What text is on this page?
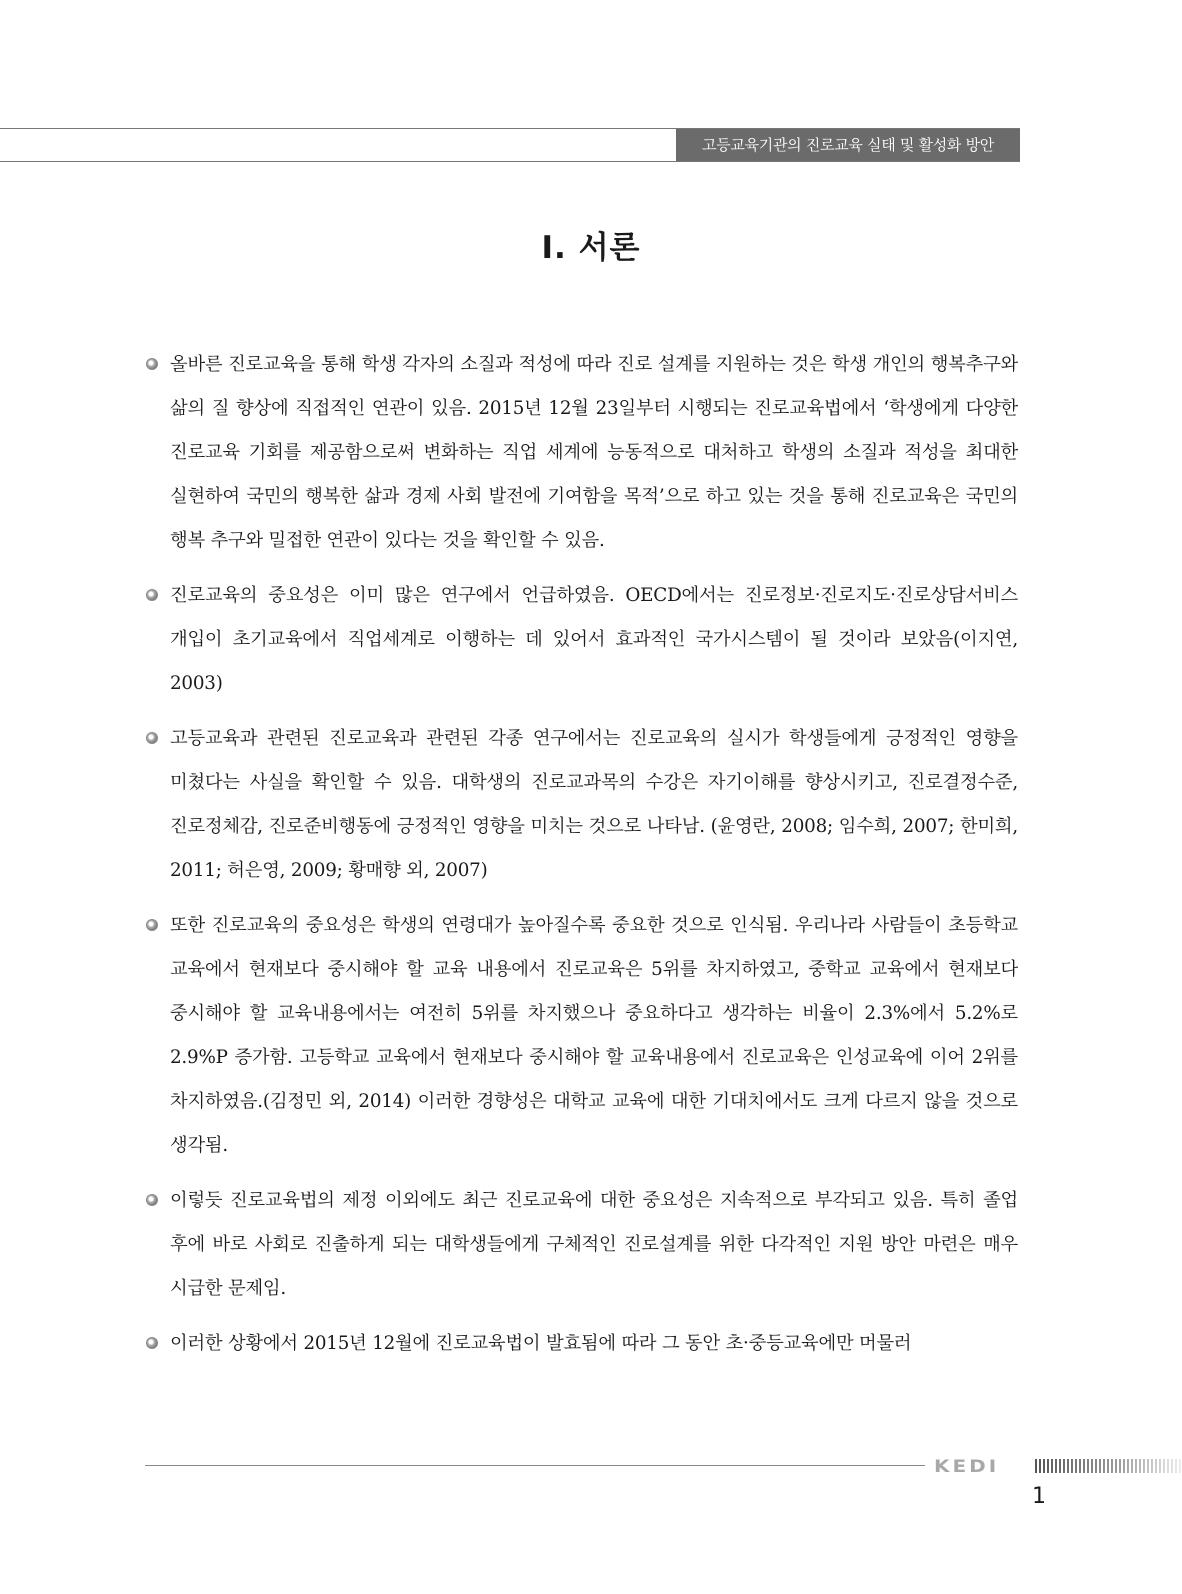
고등교육기관의 진로교육 실태 및 활성화 방안
Ⅰ. 서론
올바른 진로교육을 통해 학생 각자의 소질과 적성에 따라 진로 설계를 지원하는 것은 학생 개인의 행복추구와 삶의 질 향상에 직접적인 연관이 있음. 2015년 12월 23일부터 시행되는 진로교육법에서 ‘학생에게 다양한 진로교육 기회를 제공함으로써 변화하는 직업 세계에 능동적으로 대처하고 학생의 소질과 적성을 최대한 실현하여 국민의 행복한 삶과 경제 사회 발전에 기여함을 목적’으로 하고 있는 것을 통해 진로교육은 국민의 행복 추구와 밀접한 연관이 있다는 것을 확인할 수 있음.
진로교육의 중요성은 이미 많은 연구에서 언급하였음. OECD에서는 진로정보·진로지도·진로상담서비스 개입이 초기교육에서 직업세계로 이행하는 데 있어서 효과적인 국가시스템이 될 것이라 보았음(이지연, 2003)
고등교육과 관련된 진로교육과 관련된 각종 연구에서는 진로교육의 실시가 학생들에게 긍정적인 영향을 미쳤다는 사실을 확인할 수 있음. 대학생의 진로교과목의 수강은 자기이해를 향상시키고, 진로결정수준, 진로정체감, 진로준비행동에 긍정적인 영향을 미치는 것으로 나타남. (윤영란, 2008; 임수희, 2007; 한미희, 2011; 허은영, 2009; 황매향 외, 2007)
또한 진로교육의 중요성은 학생의 연령대가 높아질수록 중요한 것으로 인식됨. 우리나라 사람들이 초등학교 교육에서 현재보다 중시해야 할 교육 내용에서 진로교육은 5위를 차지하였고, 중학교 교육에서 현재보다 중시해야 할 교육내용에서는 여전히 5위를 차지했으나 중요하다고 생각하는 비율이 2.3%에서 5.2%로 2.9%P 증가함. 고등학교 교육에서 현재보다 중시해야 할 교육내용에서 진로교육은 인성교육에 이어 2위를 차지하였음.(김정민 외, 2014) 이러한 경향성은 대학교 교육에 대한 기대치에서도 크게 다르지 않을 것으로 생각됨.
이렇듯 진로교육법의 제정 이외에도 최근 진로교육에 대한 중요성은 지속적으로 부각되고 있음. 특히 졸업 후에 바로 사회로 진출하게 되는 대학생들에게 구체적인 진로설계를 위한 다각적인 지원 방안 마련은 매우 시급한 문제임.
이러한 상황에서 2015년 12월에 진로교육법이 발효됨에 따라 그 동안 초·중등교육에만 머물러
KEDI
1
